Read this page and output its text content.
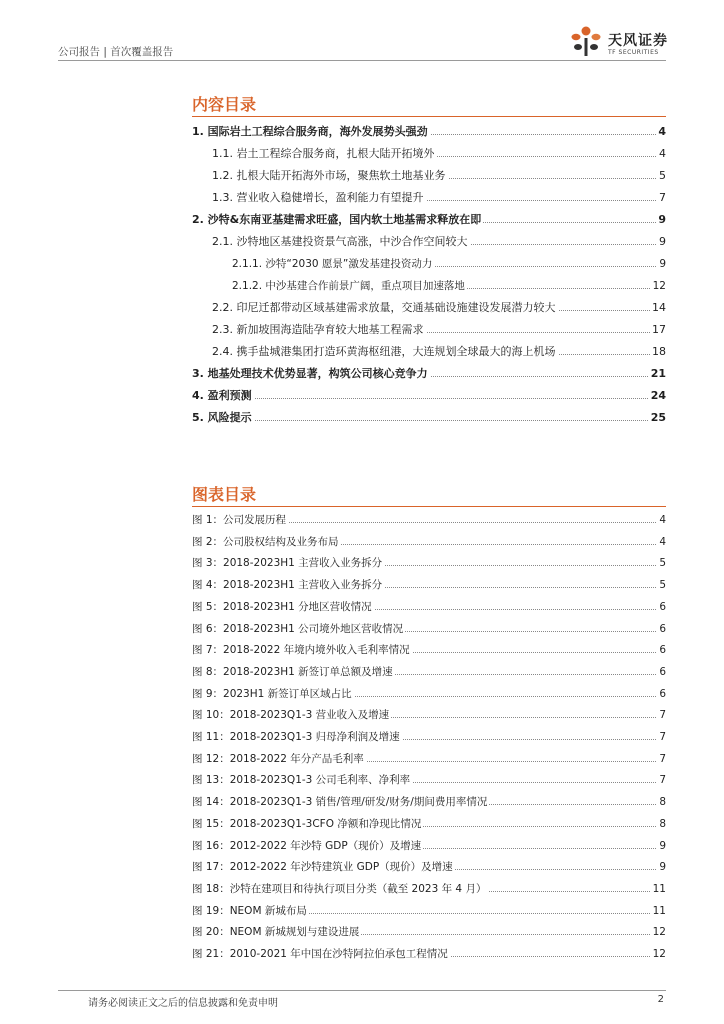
公司报告 | 首次覆盖报告
天风证券
TF SECURITIES
内容目录
1. 国际岩土工程综合服务商，海外发展势头强劲	4
1.1. 岩土工程综合服务商，扎根大陆开拓境外	4
1.2. 扎根大陆开拓海外市场，聚焦软土地基业务	5
1.3. 营业收入稳健增长，盈利能力有望提升	7
2. 沙特&东南亚基建需求旺盛，国内软土地基需求释放在即	9
2.1. 沙特地区基建投资景气高涨，中沙合作空间较大	9
2.1.1. 沙特“2030 愿景”激发基建投资动力	9
2.1.2. 中沙基建合作前景广阔，重点项目加速落地	12
2.2. 印尼迁都带动区域基建需求放量，交通基础设施建设发展潜力较大	14
2.3. 新加坡围海造陆孕育较大地基工程需求	17
2.4. 携手盐城港集团打造环黄海枢纽港，大连规划全球最大的海上机场	18
3. 地基处理技术优势显著，构筑公司核心竞争力	21
4. 盈利预测	24
5. 风险提示	25
图表目录
图 1：公司发展历程	4
图 2：公司股权结构及业务布局	4
图 3：2018-2023H1 主营收入业务拆分	5
图 4：2018-2023H1 主营收入业务拆分	5
图 5：2018-2023H1 分地区营收情况	6
图 6：2018-2023H1 公司境外地区营收情况	6
图 7：2018-2022 年境内境外收入毛利率情况	6
图 8：2018-2023H1 新签订单总额及增速	6
图 9：2023H1 新签订单区域占比	6
图 10：2018-2023Q1-3 营业收入及增速	7
图 11：2018-2023Q1-3 归母净利润及增速	7
图 12：2018-2022 年分产品毛利率	7
图 13：2018-2023Q1-3 公司毛利率、净利率	7
图 14：2018-2023Q1-3 销售/管理/研发/财务/期间费用率情况	8
图 15：2018-2023Q1-3CFO 净额和净现比情况	8
图 16：2012-2022 年沙特 GDP（现价）及增速	9
图 17：2012-2022 年沙特建筑业 GDP（现价）及增速	9
图 18：沙特在建项目和待执行项目分类（截至 2023 年 4 月）	11
图 19：NEOM 新城布局	11
图 20：NEOM 新城规划与建设进展	12
图 21：2010-2021 年中国在沙特阿拉伯承包工程情况	12
请务必阅读正文之后的信息披露和免责申明	2
